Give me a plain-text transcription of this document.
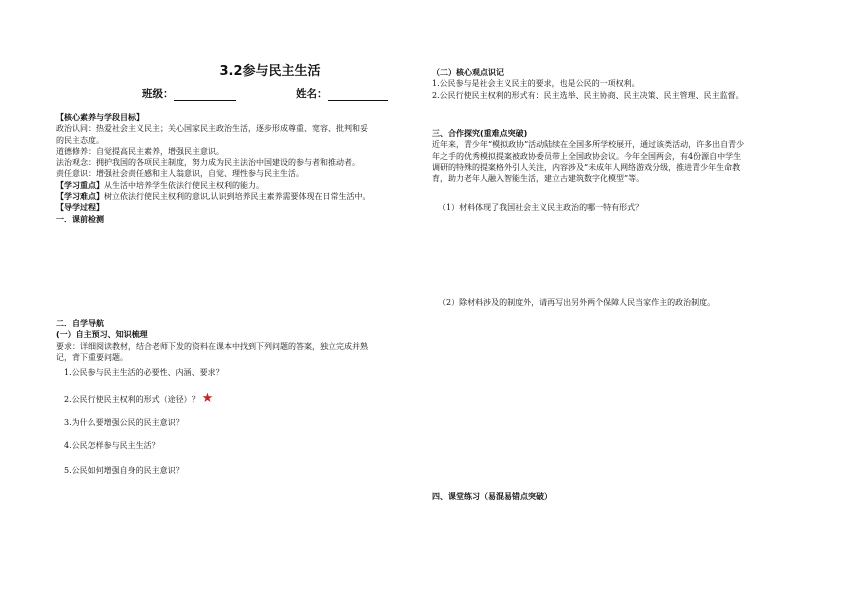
3.2参与民主生活
班级：	姓名：
【核心素养与学段目标】
政治认同：热爱社会主义民主；关心国家民主政治生活，逐步形成尊重、宽容、批判和妥
的民主态度。
道德修养：自觉提高民主素养，增强民主意识。
法治观念：拥护我国的各项民主制度，努力成为民主法治中国建设的参与者和推动者。
责任意识：增强社会责任感和主人翁意识，自觉、理性参与民主生活。
【学习重点】从生活中培养学生依法行使民主权利的能力。
【学习难点】树立依法行使民主权利的意识,认识到培养民主素养需要体现在日常生活中。
【导学过程】
一．课前检测
二．自学导航
(一）自主预习、知识梳理
要求：详细阅读教材，结合老师下发的资料在课本中找到下列问题的答案，独立完成并熟
记，背下重要问题。
1.公民参与民主生活的必要性、内涵、要求？
2.公民行使民主权利的形式（途径）？ ★
3.为什么要增强公民的民主意识？
4.公民怎样参与民主生活？
5.公民如何增强自身的民主意识？
（二）核心观点识记
1.公民参与是社会主义民主的要求，也是公民的一项权利。
2.公民行使民主权利的形式有：民主选举、民主协商、民主决策、民主管理、民主监督。
三、合作探究(重难点突破)
近年来，青少年“模拟政协”活动陆续在全国多所学校展开，通过该类活动，许多出自青少
年之手的优秀模拟提案被政协委员带上全国政协会议。今年全国两会，有4份源自中学生
调研的特殊的提案格外引人关注，内容涉及“未成年人网络游戏分级，推进青少年生命教
育，助力老年人融入智能生活，建立古建筑数字化模型”等。
（1）材料体现了我国社会主义民主政治的哪一特有形式？
（2）除材料涉及的制度外，请再写出另外两个保障人民当家作主的政治制度。
四、课堂练习（易混易错点突破）
